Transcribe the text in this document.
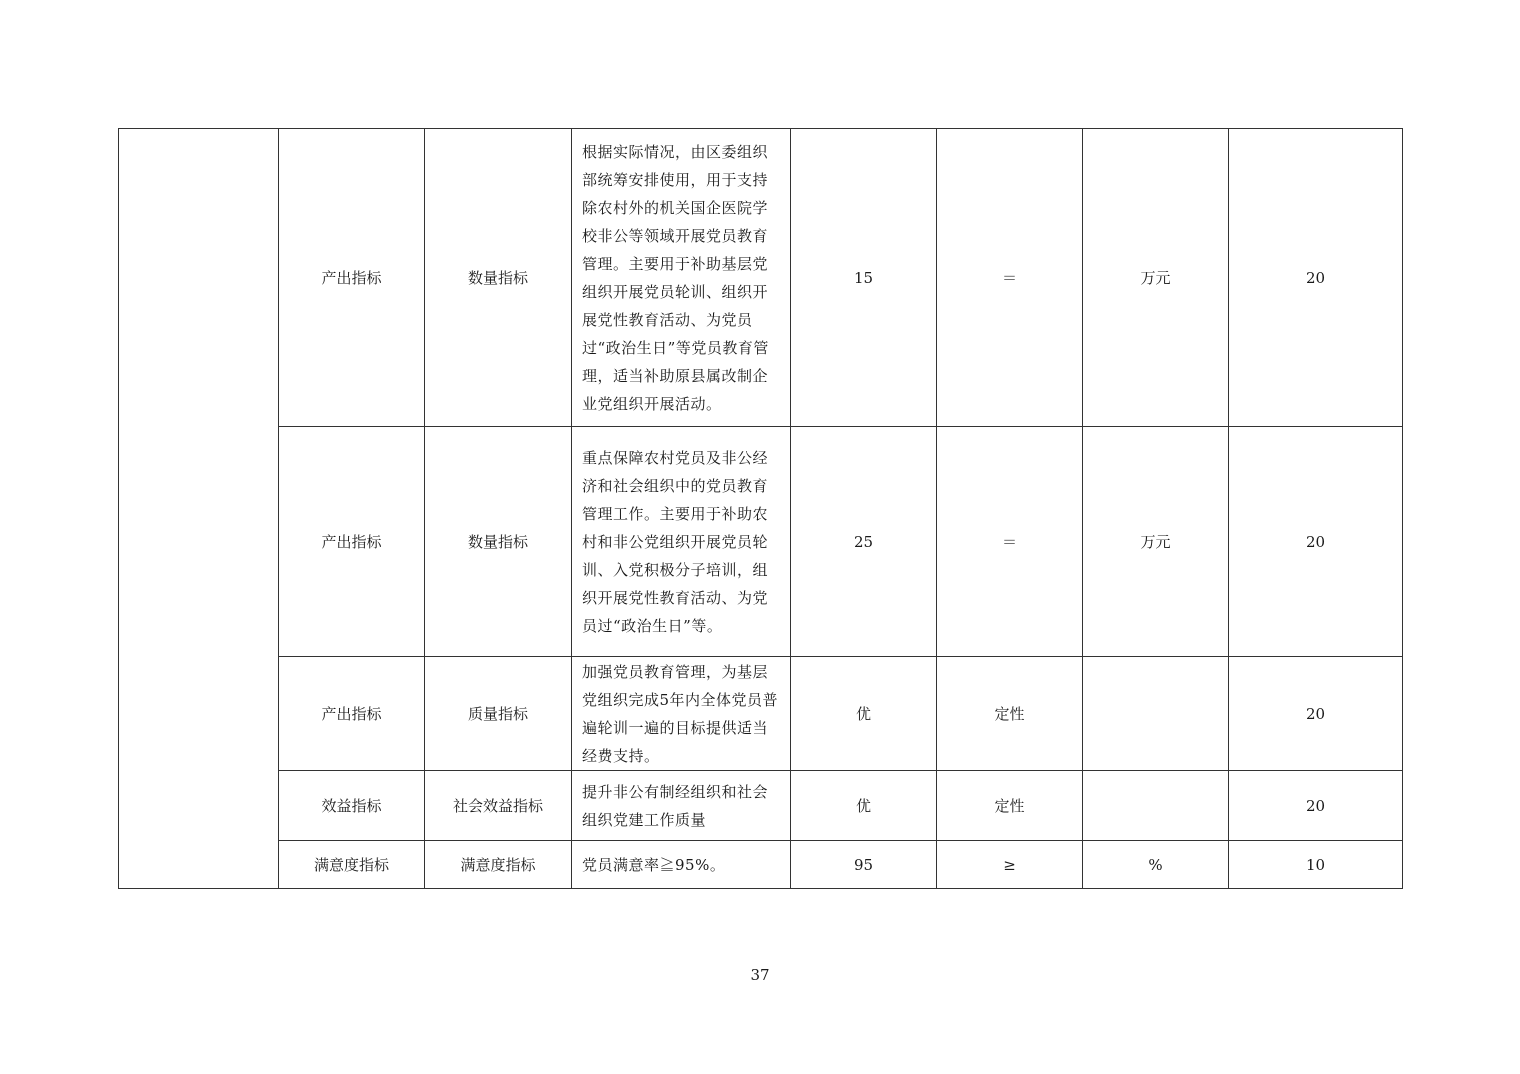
	产出指标	数量指标	根据实际情况，由区委组织部统筹安排使用，用于支持除农村外的机关国企医院学校非公等领域开展党员教育管理。主要用于补助基层党组织开展党员轮训、组织开展党性教育活动、为党员过“政治生日”等党员教育管理，适当补助原县属改制企业党组织开展活动。	15	＝	万元	20
	产出指标	数量指标	重点保障农村党员及非公经济和社会组织中的党员教育管理工作。主要用于补助农村和非公党组织开展党员轮训、入党积极分子培训，组织开展党性教育活动、为党员过“政治生日”等。	25	＝	万元	20
	产出指标	质量指标	加强党员教育管理，为基层党组织完成5年内全体党员普遍轮训一遍的目标提供适当经费支持。	优	定性		20
	效益指标	社会效益指标	提升非公有制经组织和社会组织党建工作质量	优	定性		20
	满意度指标	满意度指标	党员满意率≧95%。	95	≥	%	10
37
